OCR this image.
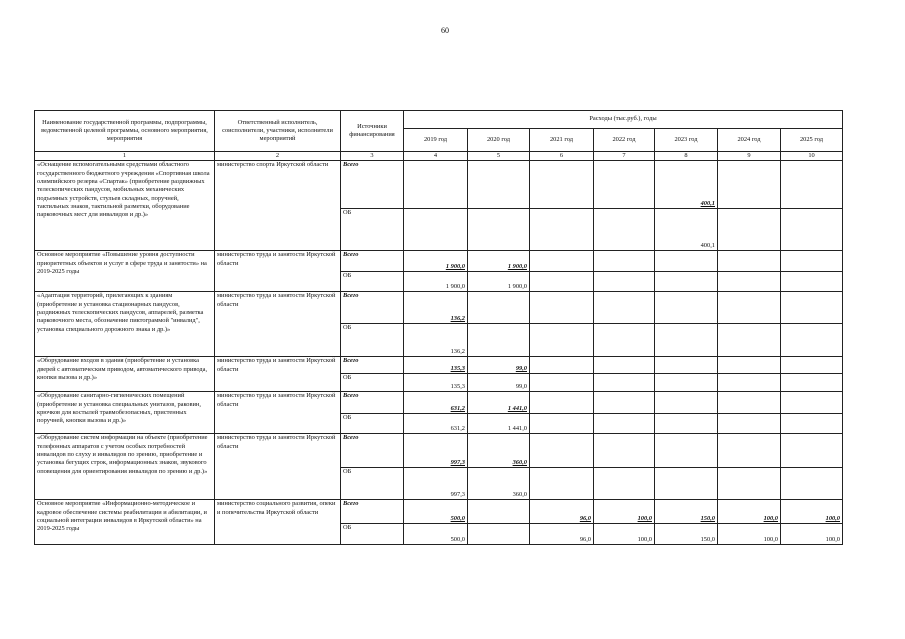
60
Наименование государственной программы, подпрограммы, ведомственной целевой программы, основного мероприятия, мероприятия	Ответственный исполнитель, соисполнители, участники, исполнители мероприятий	Источники финансирования	Расходы (тыс.руб.), годы						
			2019 год	2020 год	2021 год	2022 год	2023 год	2024 год	2025 год
1	2	3	4	5	6	7	8	9	10
«Оснащение вспомогательными средствами областного государственного бюджетного учреждения «Спортивная школа олимпийского резерва «Спартак» (приобретение раздвижных телескопических пандусов, мобильных механических подъемных устройств, стульев складных, поручней, тактильных знаков, тактильной разметки, оборудование парковочных мест для инвалидов и др.)»	министерство спорта Иркутской области	Всего					400,1		
		ОБ					400,1		
Основное мероприятие «Повышение уровня доступности приоритетных объектов и услуг в сфере труда и занятости» на 2019-2025 годы	министерство труда и занятости Иркутской области	Всего	1 900,0	1 900,0					
		ОБ	1 900,0	1 900,0					
«Адаптация территорий, прилегающих к зданиям (приобретение и установка стационарных пандусов, раздвижных телескопических пандусов, аппарелей, разметка парковочного места, обозначение пиктограммой "инвалид", установка специального дорожного знака и др.)»	министерство труда и занятости Иркутской области	Всего	136,2						
		ОБ	136,2						
«Оборудование входов в здания (приобретение и установка дверей с автоматическим приводом, автоматического привода, кнопки вызова и др.)»	министерство труда и занятости Иркутской области	Всего	135,3	99,0					
		ОБ	135,3	99,0					
«Оборудование санитарно-гигиенических помещений (приобретение и установка специальных унитазов, раковин, крючков для костылей травмобезопасных, пристенных поручней, кнопки вызова и др.)»	министерство труда и занятости Иркутской области	Всего	631,2	1 441,0					
		ОБ	631,2	1 441,0					
«Оборудование систем информации на объекте (приобретение телефонных аппаратов с учетом особых потребностей инвалидов по слуху и инвалидов по зрению, приобретение и установка бегущих строк, информационных знаков, звукового оповещения для ориентирования инвалидов по зрению и др.)»	министерство труда и занятости Иркутской области	Всего	997,3	360,0					
		ОБ	997,3	360,0					
Основное мероприятие «Информационно-методическое и кадровое обеспечение системы реабилитации и абилитации, и социальной интеграции инвалидов в Иркутской области» на 2019-2025 годы	министерство социального развития, опеки и попечительства Иркутской области	Всего	500,0		96,0	100,0	150,0	100,0	100,0
		ОБ	500,0		96,0	100,0	150,0	100,0	100,0
